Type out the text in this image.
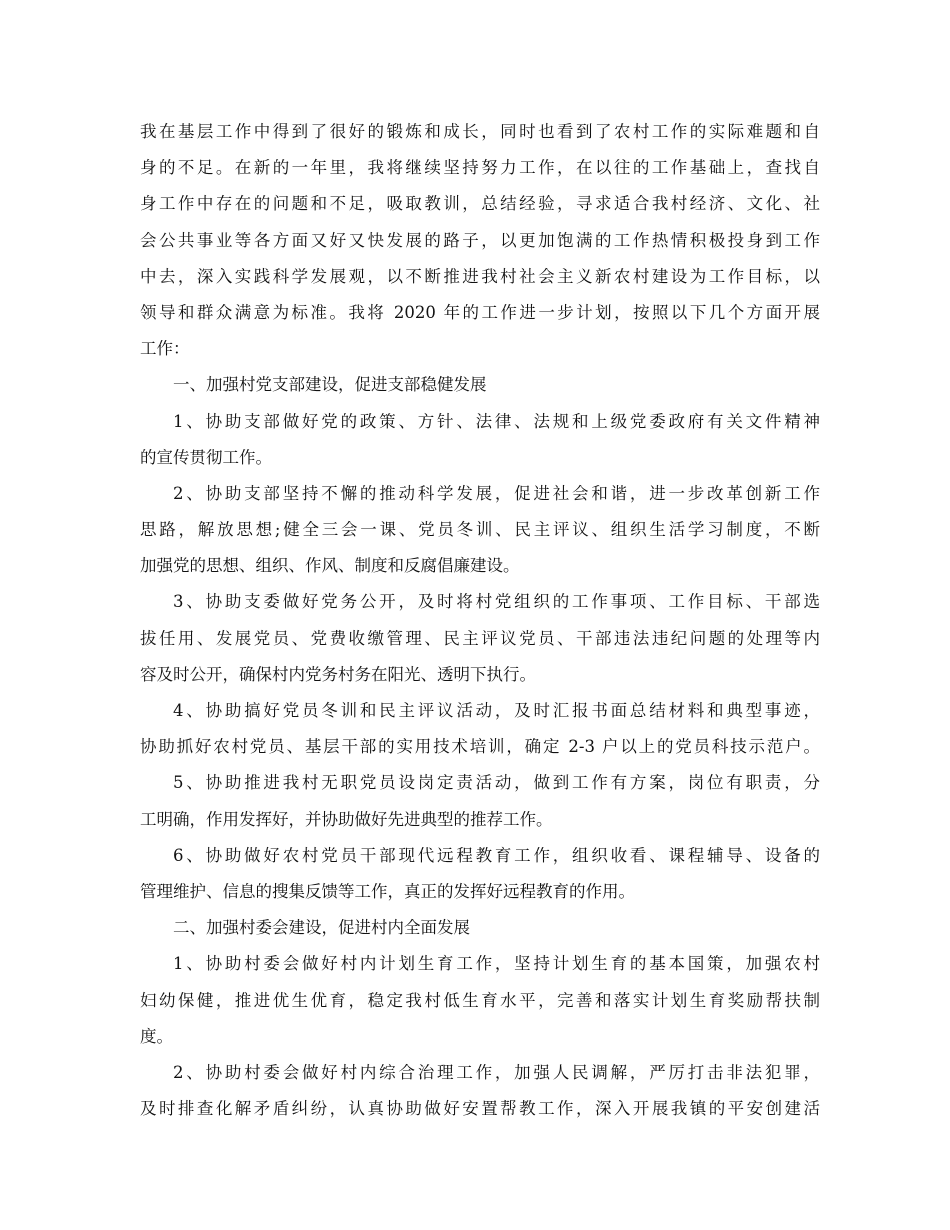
我在基层工作中得到了很好的锻炼和成长，同时也看到了农村工作的实际难题和自
身的不足。在新的一年里，我将继续坚持努力工作，在以往的工作基础上，查找自
身工作中存在的问题和不足，吸取教训，总结经验，寻求适合我村经济、文化、社
会公共事业等各方面又好又快发展的路子，以更加饱满的工作热情积极投身到工作
中去，深入实践科学发展观，以不断推进我村社会主义新农村建设为工作目标，以
领导和群众满意为标准。我将 2020 年的工作进一步计划，按照以下几个方面开展
工作：
一、加强村党支部建设，促进支部稳健发展
1、协助支部做好党的政策、方针、法律、法规和上级党委政府有关文件精神
的宣传贯彻工作。
2、协助支部坚持不懈的推动科学发展，促进社会和谐，进一步改革创新工作
思路，解放思想;健全三会一课、党员冬训、民主评议、组织生活学习制度，不断
加强党的思想、组织、作风、制度和反腐倡廉建设。
3、协助支委做好党务公开，及时将村党组织的工作事项、工作目标、干部选
拔任用、发展党员、党费收缴管理、民主评议党员、干部违法违纪问题的处理等内
容及时公开，确保村内党务村务在阳光、透明下执行。
4、协助搞好党员冬训和民主评议活动，及时汇报书面总结材料和典型事迹，
协助抓好农村党员、基层干部的实用技术培训，确定 2-3 户以上的党员科技示范户。
5、协助推进我村无职党员设岗定责活动，做到工作有方案，岗位有职责，分
工明确，作用发挥好，并协助做好先进典型的推荐工作。
6、协助做好农村党员干部现代远程教育工作，组织收看、课程辅导、设备的
管理维护、信息的搜集反馈等工作，真正的发挥好远程教育的作用。
二、加强村委会建设，促进村内全面发展
1、协助村委会做好村内计划生育工作，坚持计划生育的基本国策，加强农村
妇幼保健，推进优生优育，稳定我村低生育水平，完善和落实计划生育奖励帮扶制
度。
2、协助村委会做好村内综合治理工作，加强人民调解，严厉打击非法犯罪，
及时排查化解矛盾纠纷，认真协助做好安置帮教工作，深入开展我镇的平安创建活
